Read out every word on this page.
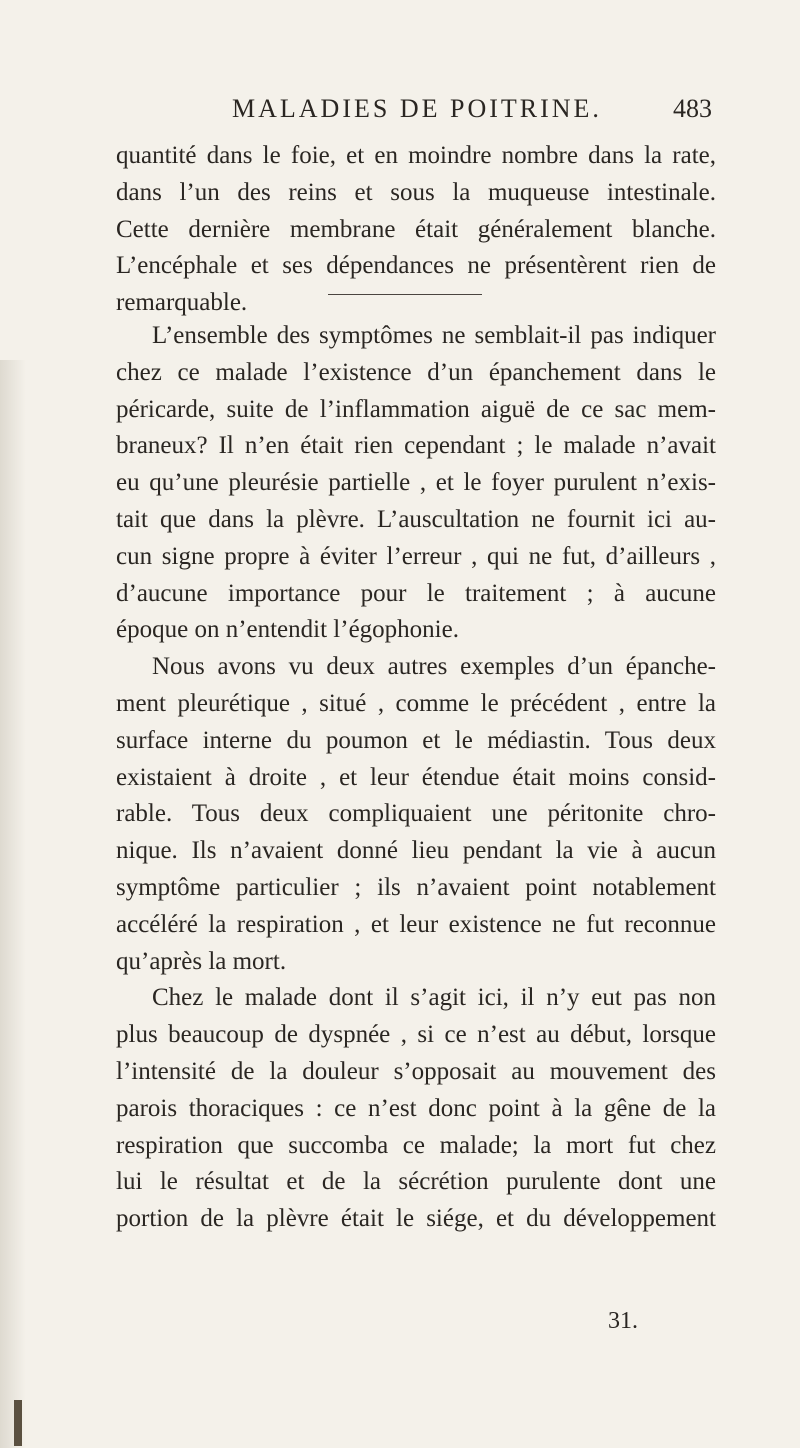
MALADIES DE POITRINE.	483
quantité dans le foie, et en moindre nombre dans la rate,
dans l’un des reins et sous la muqueuse intestinale.
Cette dernière membrane était généralement blanche.
L’encéphale et ses dépendances ne présentèrent rien de
remarquable.
L’ensemble des symptômes ne semblait-il pas indiquer
chez ce malade l’existence d’un épanchement dans le
péricarde, suite de l’inflammation aiguë de ce sac mem-
braneux? Il n’en était rien cependant ; le malade n’avait
eu qu’une pleurésie partielle , et le foyer purulent n’exis-
tait que dans la plèvre. L’auscultation ne fournit ici au-
cun signe propre à éviter l’erreur , qui ne fut, d’ailleurs ,
d’aucune importance pour le traitement ; à aucune
époque on n’entendit l’égophonie.
Nous avons vu deux autres exemples d’un épanche-
ment pleurétique , situé , comme le précédent , entre la
surface interne du poumon et le médiastin. Tous deux
existaient à droite , et leur étendue était moins consid-
rable. Tous deux compliquaient une péritonite chro-
nique. Ils n’avaient donné lieu pendant la vie à aucun
symptôme particulier ; ils n’avaient point notablement
accéléré la respiration , et leur existence ne fut reconnue
qu’après la mort.
Chez le malade dont il s’agit ici, il n’y eut pas non
plus beaucoup de dyspnée , si ce n’est au début, lorsque
l’intensité de la douleur s’opposait au mouvement des
parois thoraciques : ce n’est donc point à la gêne de la
respiration que succomba ce malade; la mort fut chez
lui le résultat et de la sécrétion purulente dont une
portion de la plèvre était le siége, et du développement
31.
